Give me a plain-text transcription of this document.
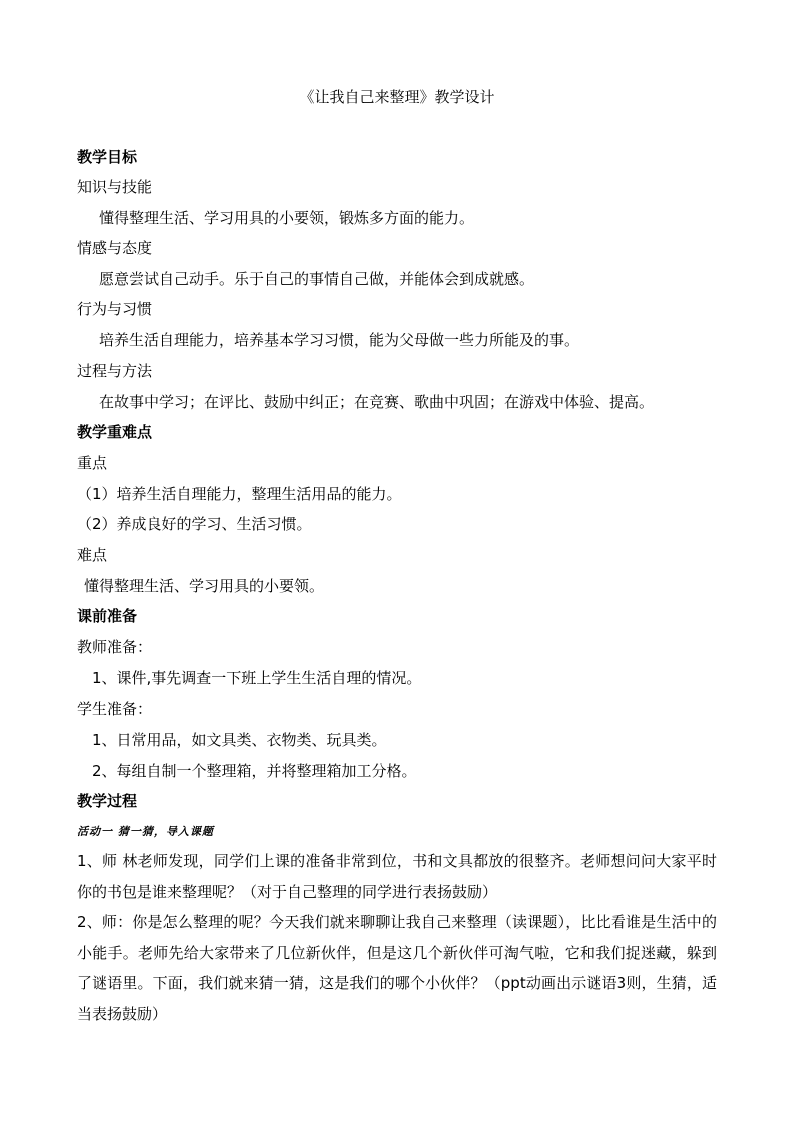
《让我自己来整理》教学设计
教学目标
知识与技能
懂得整理生活、学习用具的小要领，锻炼多方面的能力。
情感与态度
愿意尝试自己动手。乐于自己的事情自己做，并能体会到成就感。
行为与习惯
培养生活自理能力，培养基本学习习惯，能为父母做一些力所能及的事。
过程与方法
在故事中学习；在评比、鼓励中纠正；在竞赛、歌曲中巩固；在游戏中体验、提高。
教学重难点
重点
（1）培养生活自理能力，整理生活用品的能力。
（2）养成良好的学习、生活习惯。
难点
懂得整理生活、学习用具的小要领。
课前准备
教师准备：
1、课件,事先调查一下班上学生生活自理的情况。
学生准备：
1、日常用品，如文具类、衣物类、玩具类。
2、每组自制一个整理箱，并将整理箱加工分格。
教学过程
活动一 猜一猜，导入课题
1、师 林老师发现，同学们上课的准备非常到位，书和文具都放的很整齐。老师想问问大家平时你的书包是谁来整理呢？（对于自己整理的同学进行表扬鼓励）
2、师：你是怎么整理的呢？今天我们就来聊聊让我自己来整理（读课题），比比看谁是生活中的小能手。老师先给大家带来了几位新伙伴，但是这几个新伙伴可淘气啦，它和我们捉迷藏，躲到了谜语里。下面，我们就来猜一猜，这是我们的哪个小伙伴？（ppt动画出示谜语3则，生猜，适当表扬鼓励）
